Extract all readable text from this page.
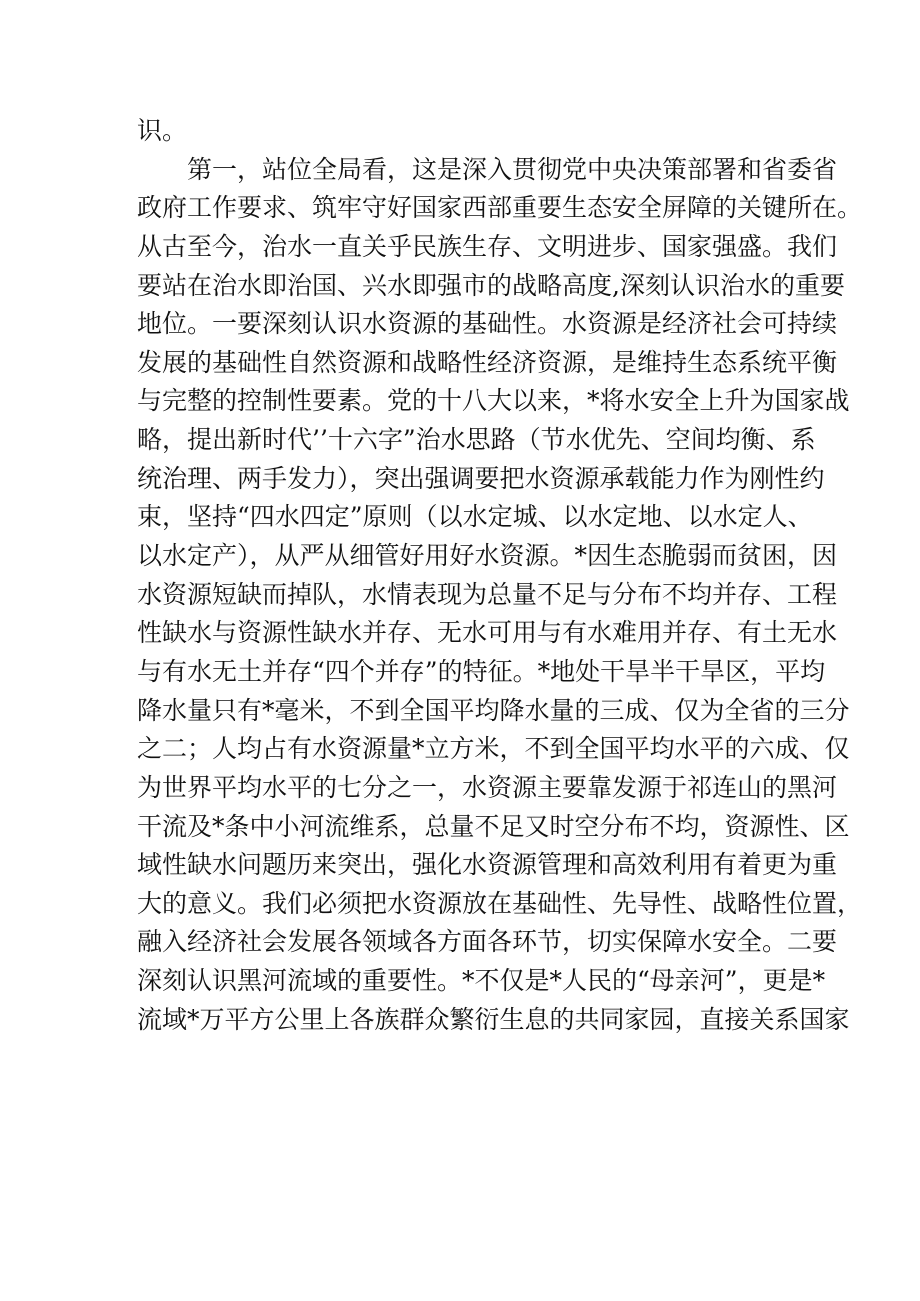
识。
第一，站位全局看，这是深入贯彻党中央决策部署和省委省
政府工作要求、筑牢守好国家西部重要生态安全屏障的关键所在。
从古至今，治水一直关乎民族生存、文明进步、国家强盛。我们
要站在治水即治国、兴水即强市的战略高度,深刻认识治水的重要
地位。一要深刻认识水资源的基础性。水资源是经济社会可持续
发展的基础性自然资源和战略性经济资源，是维持生态系统平衡
与完整的控制性要素。党的十八大以来，*将水安全上升为国家战
略，提出新时代’’十六字”治水思路（节水优先、空间均衡、系
统治理、两手发力），突出强调要把水资源承载能力作为刚性约
束，坚持“四水四定”原则（以水定城、以水定地、以水定人、
以水定产），从严从细管好用好水资源。*因生态脆弱而贫困，因
水资源短缺而掉队，水情表现为总量不足与分布不均并存、工程
性缺水与资源性缺水并存、无水可用与有水难用并存、有土无水
与有水无土并存“四个并存”的特征。*地处干旱半干旱区，平均
降水量只有*毫米，不到全国平均降水量的三成、仅为全省的三分
之二；人均占有水资源量*立方米，不到全国平均水平的六成、仅
为世界平均水平的七分之一，水资源主要靠发源于祁连山的黑河
干流及*条中小河流维系，总量不足又时空分布不均，资源性、区
域性缺水问题历来突出，强化水资源管理和高效利用有着更为重
大的意义。我们必须把水资源放在基础性、先导性、战略性位置，
融入经济社会发展各领域各方面各环节，切实保障水安全。二要
深刻认识黑河流域的重要性。*不仅是*人民的“母亲河”，更是*
流域*万平方公里上各族群众繁衍生息的共同家园，直接关系国家
